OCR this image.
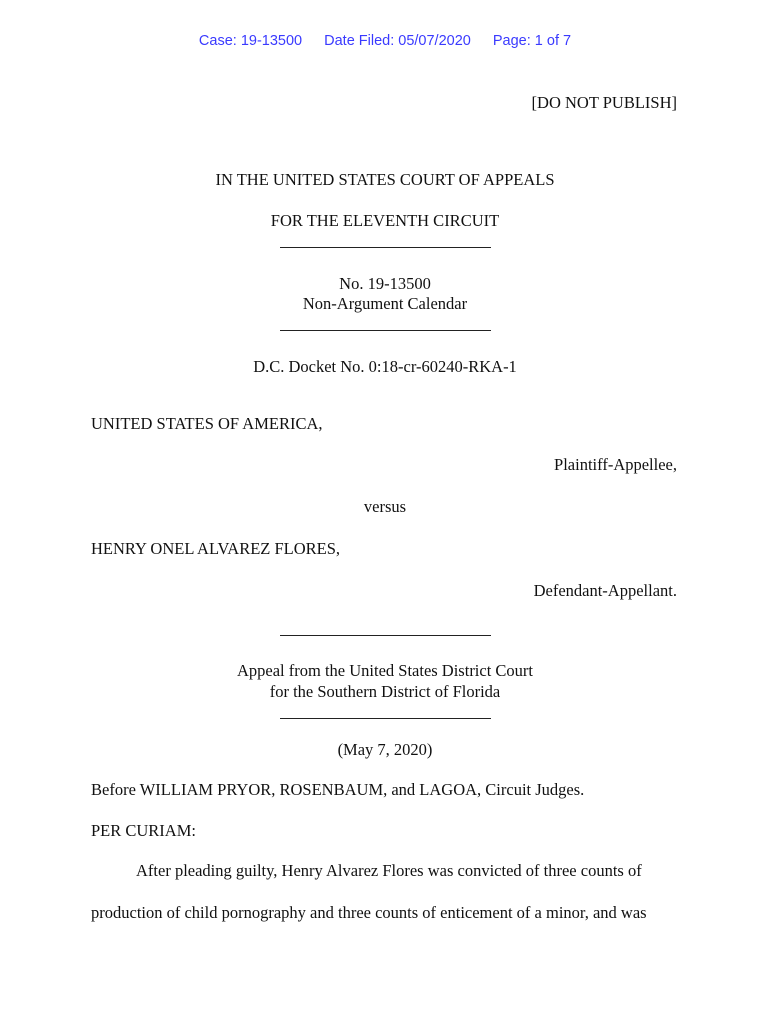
Case: 19-13500 Date Filed: 05/07/2020 Page: 1 of 7
[DO NOT PUBLISH]
IN THE UNITED STATES COURT OF APPEALS
FOR THE ELEVENTH CIRCUIT
No. 19-13500
Non-Argument Calendar
D.C. Docket No. 0:18-cr-60240-RKA-1
UNITED STATES OF AMERICA,
Plaintiff-Appellee,
versus
HENRY ONEL ALVAREZ FLORES,
Defendant-Appellant.
Appeal from the United States District Court
for the Southern District of Florida
(May 7, 2020)
Before WILLIAM PRYOR, ROSENBAUM, and LAGOA, Circuit Judges.
PER CURIAM:
After pleading guilty, Henry Alvarez Flores was convicted of three counts of
production of child pornography and three counts of enticement of a minor, and was
